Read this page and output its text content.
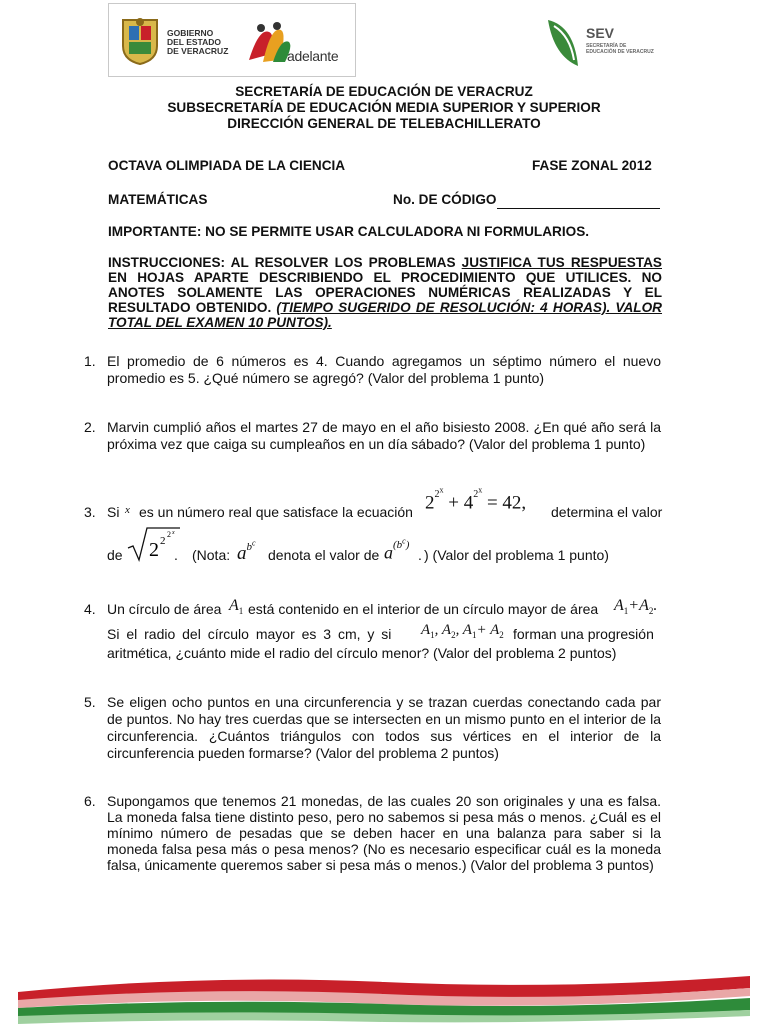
GOBIERNO
DEL ESTADO
DE VERACRUZ	adelante
SEV
SECRETARÍA DE EDUCACIÓN DE VERACRUZ
SECRETARÍA DE EDUCACIÓN DE VERACRUZ
SUBSECRETARÍA DE EDUCACIÓN MEDIA SUPERIOR Y SUPERIOR
DIRECCIÓN GENERAL DE TELEBACHILLERATO
OCTAVA OLIMPIADA DE LA CIENCIA	FASE ZONAL 2012
MATEMÁTICAS	No. DE CÓDIGO
IMPORTANTE: NO SE PERMITE USAR CALCULADORA NI FORMULARIOS.
INSTRUCCIONES: AL RESOLVER LOS PROBLEMAS JUSTIFICA TUS RESPUESTAS EN HOJAS APARTE DESCRIBIENDO EL PROCEDIMIENTO QUE UTILICES. NO ANOTES SOLAMENTE LAS OPERACIONES NUMÉRICAS REALIZADAS Y EL RESULTADO OBTENIDO. (TIEMPO SUGERIDO DE RESOLUCIÓN: 4 HORAS). VALOR TOTAL DEL EXAMEN 10 PUNTOS).
1. El promedio de 6 números es 4. Cuando agregamos un séptimo número el nuevo promedio es 5. ¿Qué número se agregó? (Valor del problema 1 punto)
2. Marvin cumplió años el martes 27 de mayo en el año bisiesto 2008. ¿En qué año será la próxima vez que caiga su cumpleaños en un día sábado? (Valor del problema 1 punto)
3. Si x es un número real que satisface la ecuación $2^{2^x} + 4^{2^x} = 42$, determina el valor
de 2 2
2 x
. (Nota: $a^{b^c}$
denota el valor de $a^{(b^c)}$
. ) (Valor del problema 1 punto)
4. Un círculo de área $A_1$ está contenido en el interior de un círculo mayor de área $A_1+A_2$.
Si el radio del círculo mayor es 3 cm, y si $A_1$, $A_2$, $A_1+ A_2$ forman una progresión
aritmética, ¿cuánto mide el radio del círculo menor? (Valor del problema 2 puntos)
5. Se eligen ocho puntos en una circunferencia y se trazan cuerdas conectando cada par de puntos. No hay tres cuerdas que se intersecten en un mismo punto en el interior de la circunferencia. ¿Cuántos triángulos con todos sus vértices en el interior de la circunferencia pueden formarse? (Valor del problema 2 puntos)
6. Supongamos que tenemos 21 monedas, de las cuales 20 son originales y una es falsa. La moneda falsa tiene distinto peso, pero no sabemos si pesa más o menos. ¿Cuál es el mínimo número de pesadas que se deben hacer en una balanza para saber si la moneda falsa pesa más o pesa menos? (No es necesario especificar cuál es la moneda falsa, únicamente queremos saber si pesa más o menos.) (Valor del problema 3 puntos)
